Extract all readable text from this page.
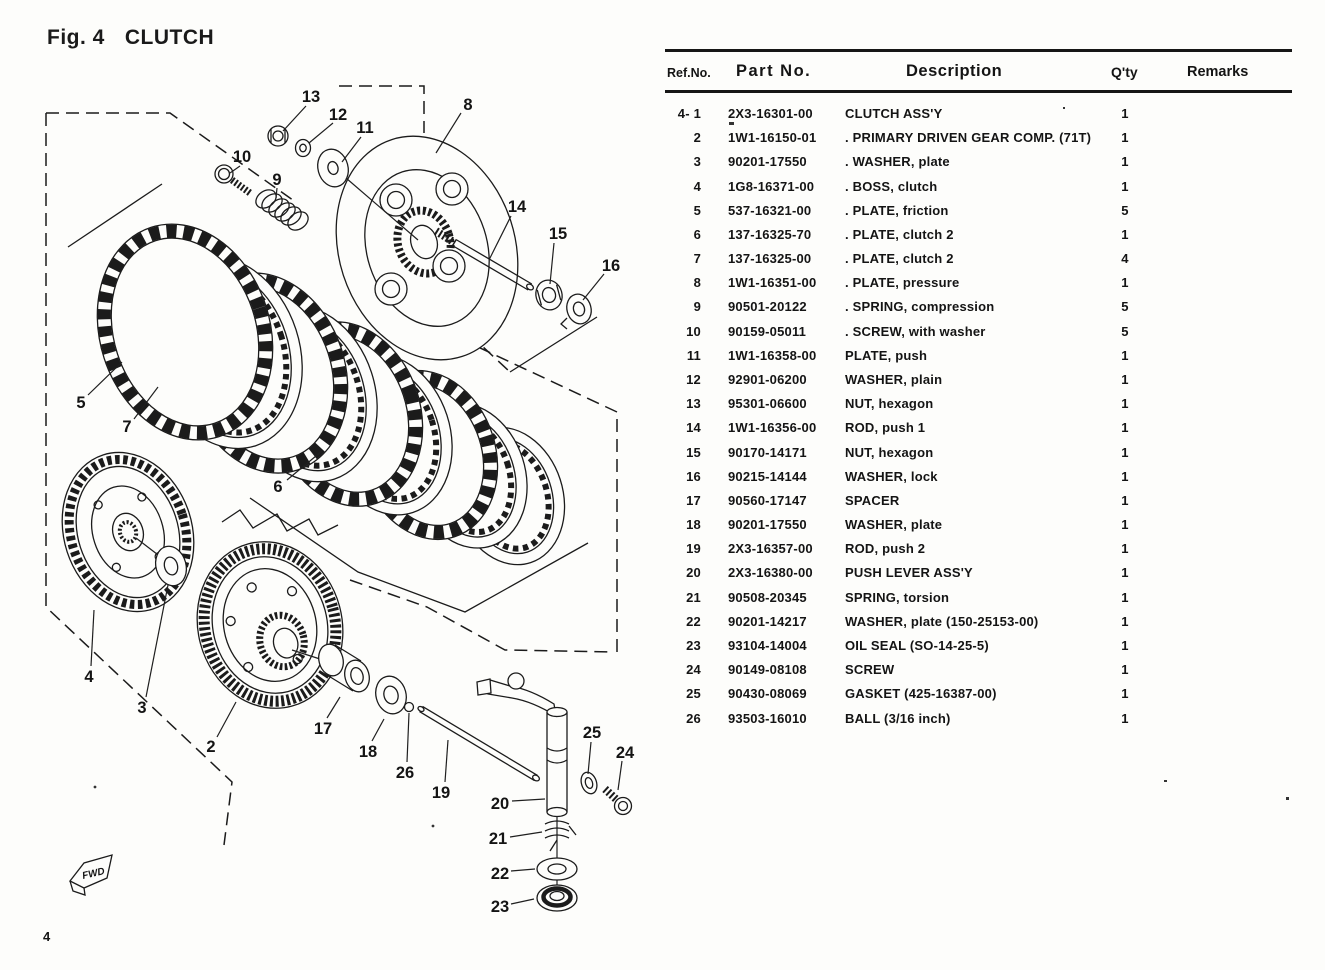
Fig. 4 CLUTCH
FWD
13
12
11
10
9
8
14
15
16
5
7
6
4
3
2
17
18
26
19
20
21
22
23
25
24
Ref.No. Part No.	Description	Q'ty	Remarks
4- 1 2X3-16301-00	CLUTCH ASS'Y	1
2 1W1-16150-01	. PRIMARY DRIVEN GEAR COMP. (71T)	1
3 90201-17550	. WASHER, plate	1
4 1G8-16371-00	. BOSS, clutch	1
5 537-16321-00	. PLATE, friction	5
6 137-16325-70	. PLATE, clutch 2	1
7 137-16325-00	. PLATE, clutch 2	4
8 1W1-16351-00	. PLATE, pressure	1
9 90501-20122	. SPRING, compression	5
10 90159-05011	. SCREW, with washer	5
11 1W1-16358-00	PLATE, push	1
12 92901-06200	WASHER, plain	1
13 95301-06600	NUT, hexagon	1
14 1W1-16356-00	ROD, push 1	1
15 90170-14171	NUT, hexagon	1
16 90215-14144	WASHER, lock	1
17 90560-17147	SPACER	1
18 90201-17550	WASHER, plate	1
19 2X3-16357-00	ROD, push 2	1
20 2X3-16380-00	PUSH LEVER ASS'Y	1
21 90508-20345	SPRING, torsion	1
22 90201-14217	WASHER, plate (150-25153-00)	1
23 93104-14004	OIL SEAL (SO-14-25-5)	1
24 90149-08108	SCREW	1
25 90430-08069	GASKET (425-16387-00)	1
26 93503-16010	BALL (3/16 inch)	1
4
